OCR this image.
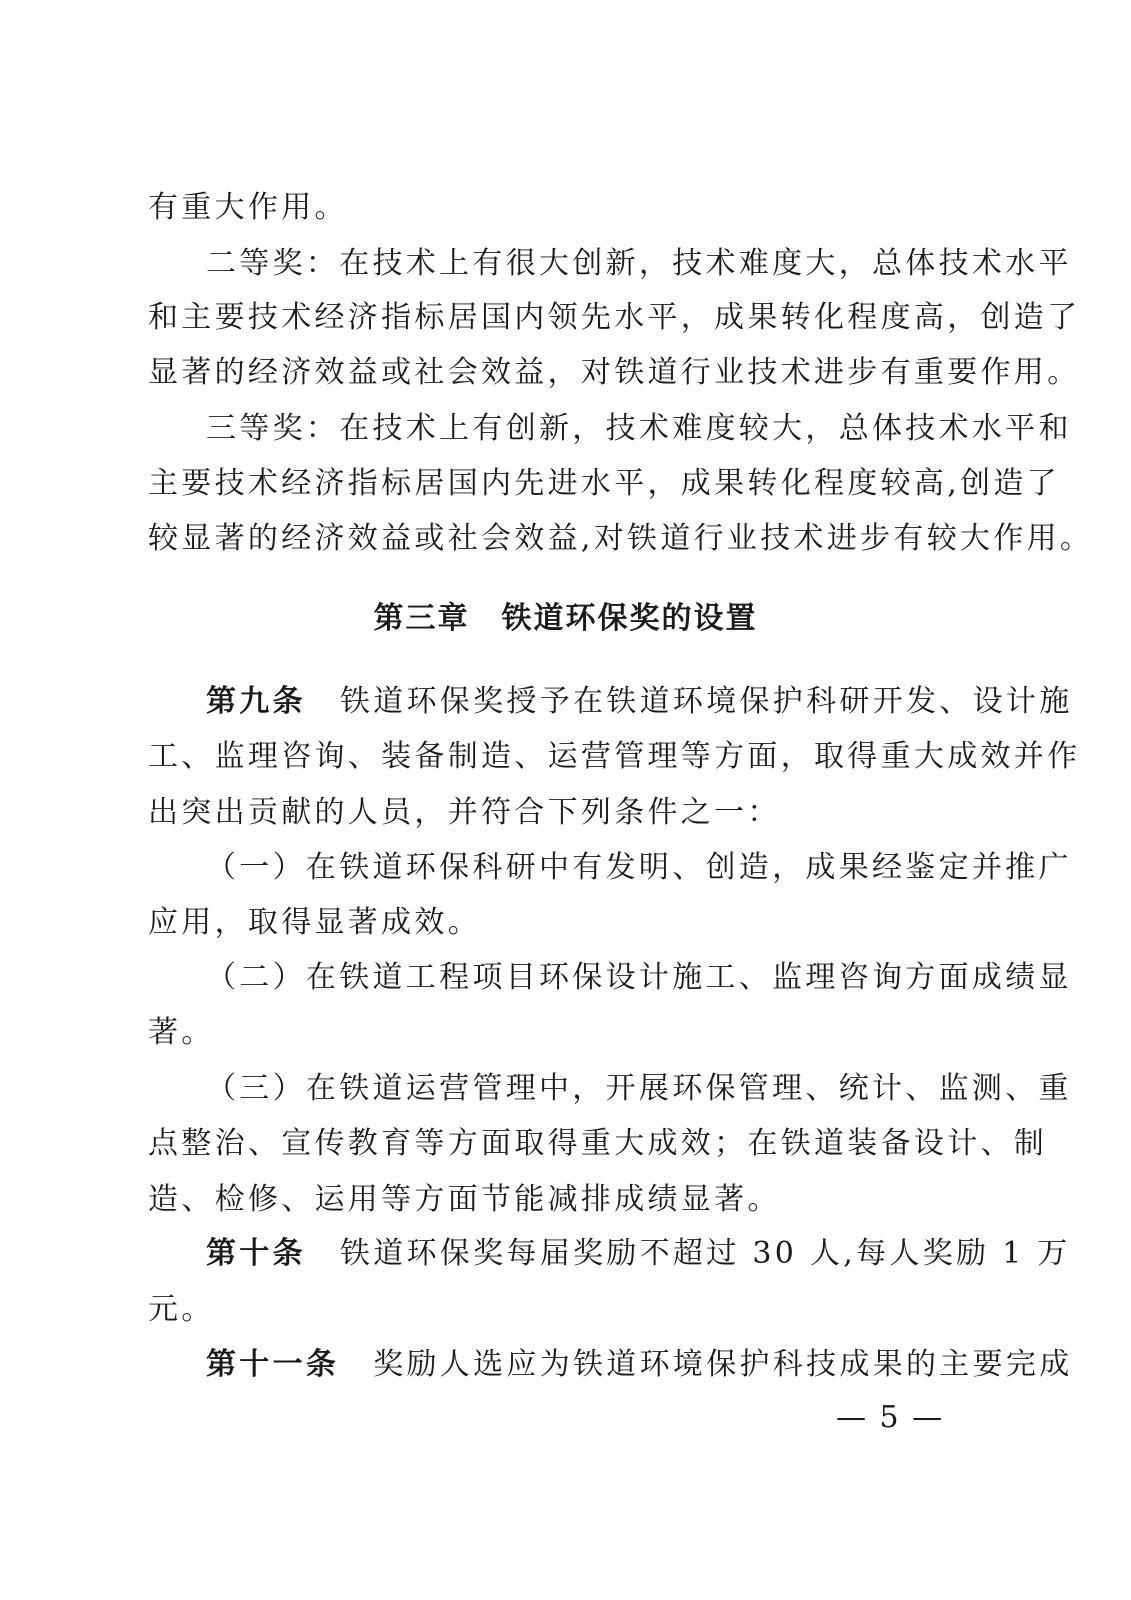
有重大作用。
二等奖：在技术上有很大创新，技术难度大，总体技术水平
和主要技术经济指标居国内领先水平，成果转化程度高，创造了
显著的经济效益或社会效益，对铁道行业技术进步有重要作用。
三等奖：在技术上有创新，技术难度较大，总体技术水平和
主要技术经济指标居国内先进水平，成果转化程度较高,创造了
较显著的经济效益或社会效益,对铁道行业技术进步有较大作用。
第三章　铁道环保奖的设置
第九条 铁道环保奖授予在铁道环境保护科研开发、设计施
工、监理咨询、装备制造、运营管理等方面，取得重大成效并作
出突出贡献的人员，并符合下列条件之一：
（一）在铁道环保科研中有发明、创造，成果经鉴定并推广
应用，取得显著成效。
（二）在铁道工程项目环保设计施工、监理咨询方面成绩显
著。
（三）在铁道运营管理中，开展环保管理、统计、监测、重
点整治、宣传教育等方面取得重大成效；在铁道装备设计、制
造、检修、运用等方面节能减排成绩显著。
第十条 铁道环保奖每届奖励不超过 30 人,每人奖励 1 万
元。
第十一条 奖励人选应为铁道环境保护科技成果的主要完成
— 5 —
